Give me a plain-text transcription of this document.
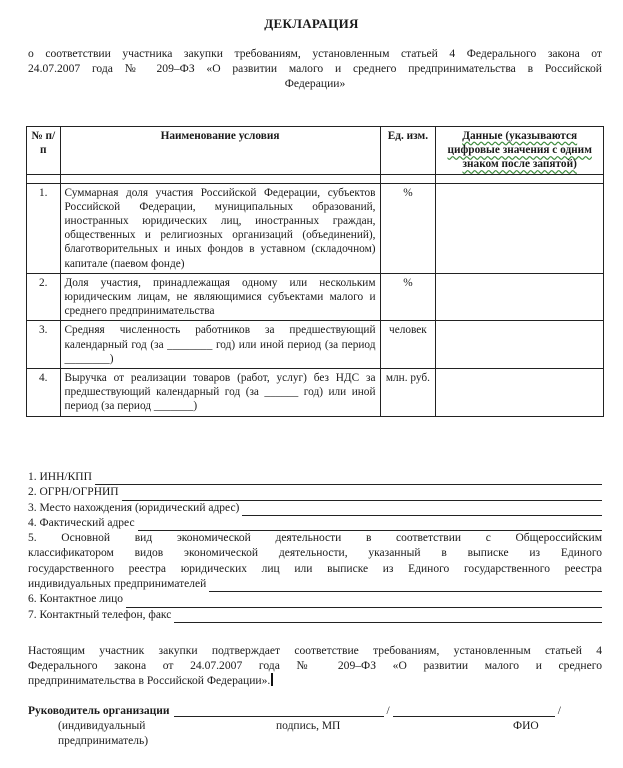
ДЕКЛАРАЦИЯ
о соответствии участника закупки требованиям, установленным статьей 4 Федерального закона от
24.07.2007 года № 209–ФЗ «О развитии малого и среднего предпринимательства в Российской
Федерации»
№ п/п	Наименование условия	Ед. изм.	Данные (указываются цифровые значения с одним знаком после запятой)

1.	Суммарная доля участия Российской Федерации, субъектов Российской Федерации, муниципальных образований, иностранных юридических лиц, иностранных граждан, общественных и религиозных организаций (объединений), благотворительных и иных фондов в уставном (складочном) капитале (паевом фонде)	%	
2.	Доля участия, принадлежащая одному или нескольким юридическим лицам, не являющимися субъектами малого и среднего предпринимательства	%	
3.	Средняя численность работников за предшествующий календарный год (за ________ год) или иной период (за период ________)	человек	
4.	Выручка от реализации товаров (работ, услуг) без НДС за предшествующий календарный год (за ______ год) или иной период (за период _______)	млн. руб.	
1. ИНН/КПП
2. ОГРН/ОГРНИП
3. Место нахождения (юридический адрес)
4. Фактический адрес
5. Основной вид экономической деятельности в соответствии с Общероссийским
классификатором видов экономической деятельности, указанный в выписке из Единого
государственного реестра юридических лиц или выписке из Единого государственного реестра
индивидуальных предпринимателей
6. Контактное лицо
7. Контактный телефон, факс
Настоящим участник закупки подтверждает соответствие требованиям, установленным статьей 4
Федерального закона от 24.07.2007 года № 209–ФЗ «О развитии малого и среднего
предпринимательства в Российской Федерации».
Руководитель организации	/	/
(индивидуальный предприниматель)
подпись, МП	ФИО
